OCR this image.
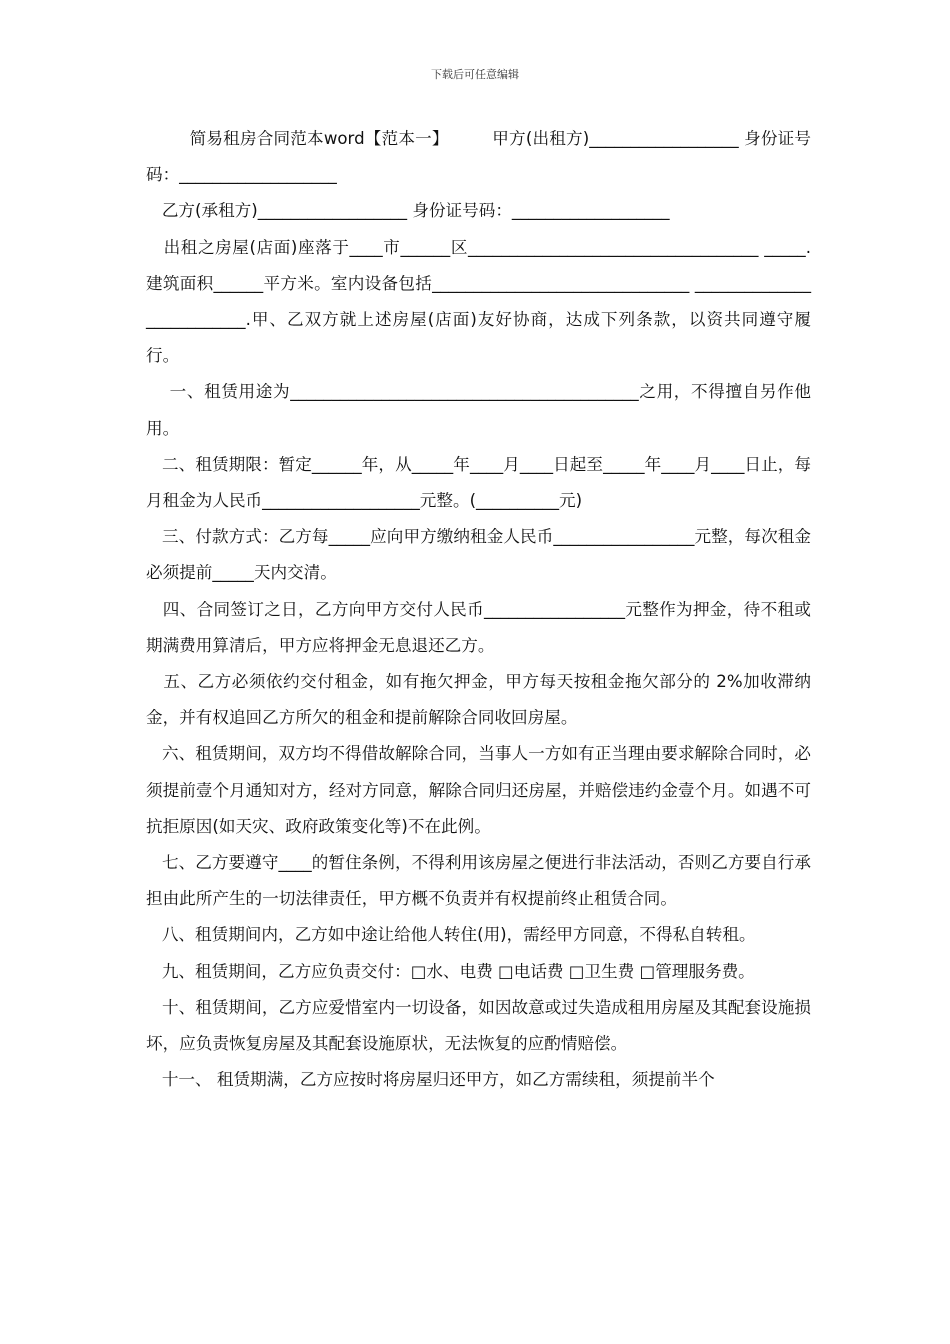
下载后可任意编辑

简易租房合同范本word【范本一】        甲方(出租方)__________________ 身份证号码：___________________

乙方(承租方)__________________ 身份证号码：___________________

出租之房屋(店面)座落于____市______区___________________________________ _____.建筑面积______平方米。室内设备包括_______________________________ __________________________.甲、乙双方就上述房屋(店面)友好协商，达成下列条款，以资共同遵守履行。

一、租赁用途为__________________________________________之用，不得擅自另作他用。

二、租赁期限：暂定______年，从_____年____月____日起至_____年____月____日止，每月租金为人民币___________________元整。(__________元)

三、付款方式：乙方每_____应向甲方缴纳租金人民币_________________元整，每次租金必须提前_____天内交清。

四、合同签订之日，乙方向甲方交付人民币_________________元整作为押金，待不租或期满费用算清后，甲方应将押金无息退还乙方。

五、乙方必须依约交付租金，如有拖欠押金，甲方每天按租金拖欠部分的 2%加收滞纳金，并有权追回乙方所欠的租金和提前解除合同收回房屋。

六、租赁期间，双方均不得借故解除合同，当事人一方如有正当理由要求解除合同时，必须提前壹个月通知对方，经对方同意，解除合同归还房屋，并赔偿违约金壹个月。如遇不可抗拒原因(如天灾、政府政策变化等)不在此例。

七、乙方要遵守____的暂住条例，不得利用该房屋之便进行非法活动，否则乙方要自行承担由此所产生的一切法律责任，甲方概不负责并有权提前终止租赁合同。

八、租赁期间内，乙方如中途让给他人转住(用)，需经甲方同意，不得私自转租。

九、租赁期间，乙方应负责交付：□水、电费 □电话费 □卫生费 □管理服务费。

十、租赁期间，乙方应爱惜室内一切设备，如因故意或过失造成租用房屋及其配套设施损坏，应负责恢复房屋及其配套设施原状，无法恢复的应酌情赔偿。

十一、 租赁期满，乙方应按时将房屋归还甲方，如乙方需续租，须提前半个
